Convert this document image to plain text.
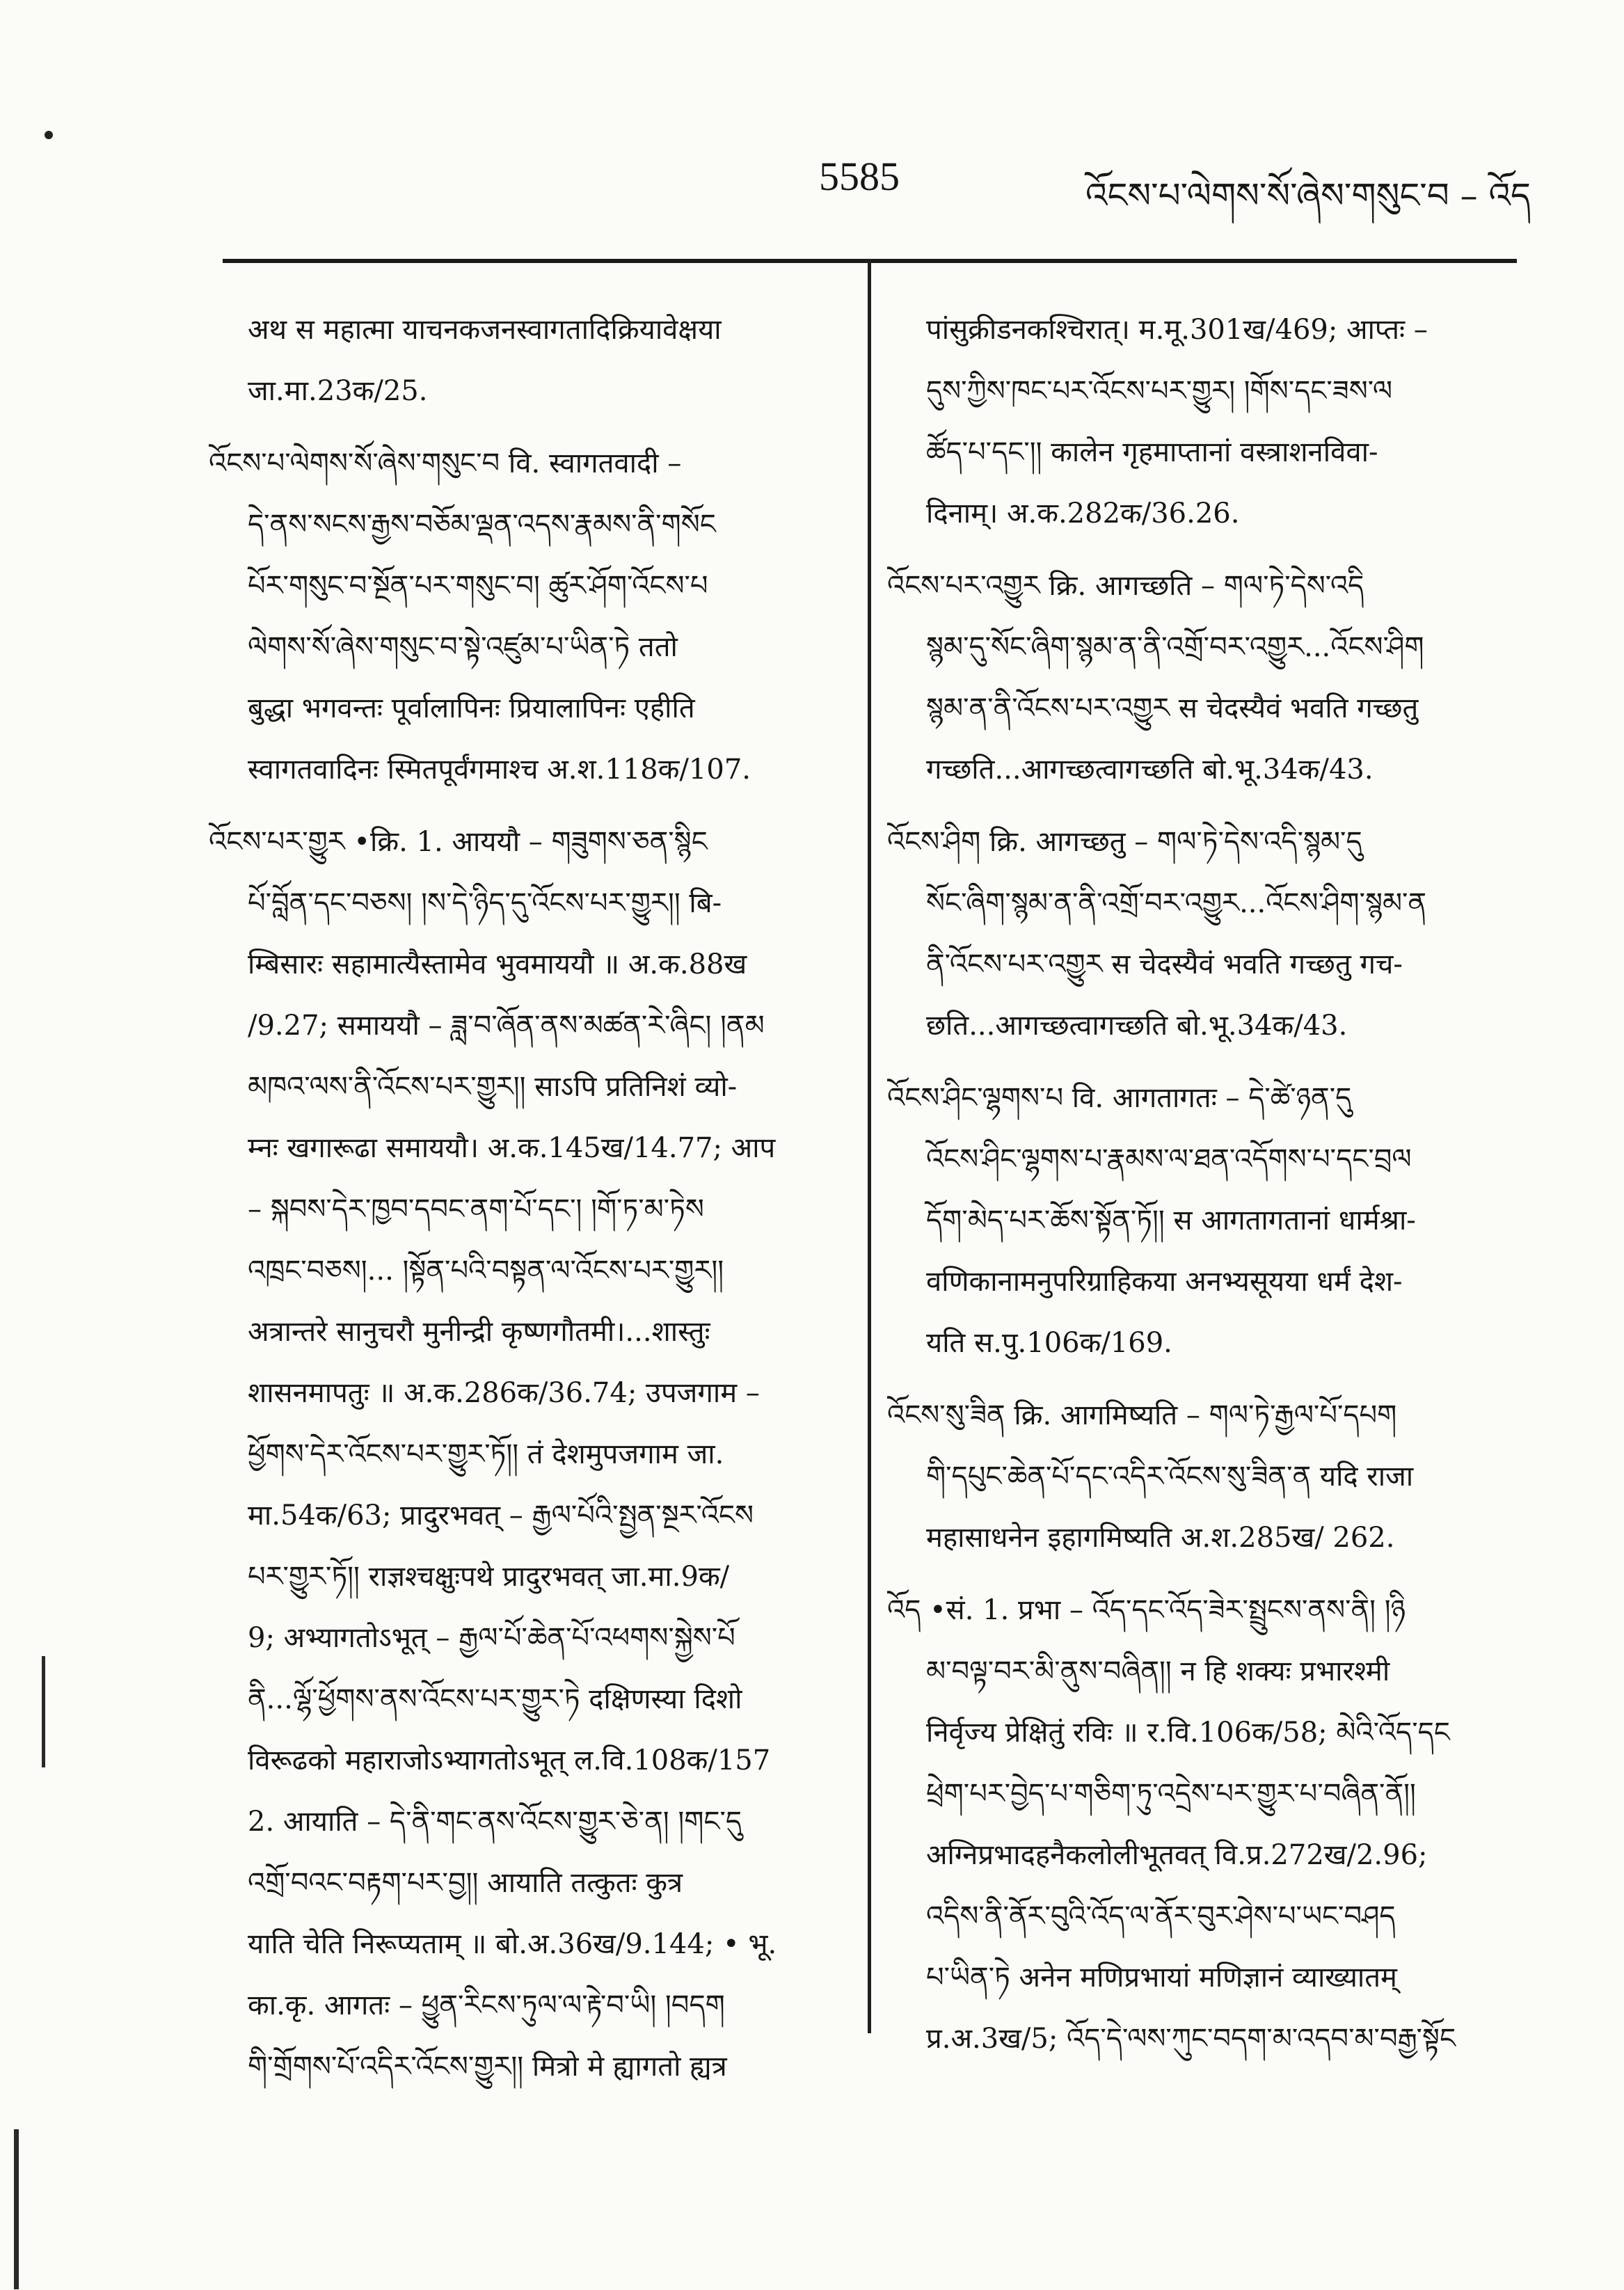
5585	འོངས་པ་ལེགས་སོ་ཞེས་གསུང་བ – འོད
अथ स महात्मा याचनकजनस्वागतादिक्रियावेक्षया
जा.मा.23क/25.
འོངས་པ་ལེགས་སོ་ཞེས་གསུང་བ वि. स्वागतवादी –
དེ་ནས་སངས་རྒྱས་བཅོམ་ལྡན་འདས་རྣམས་ནི་གསོང
པོར་གསུང་བ་སྔོན་པར་གསུང་བ། ཚུར་ཤོག་འོངས་པ
ལེགས་སོ་ཞེས་གསུང་བ་སྟེ་འཛུམ་པ་ཡིན་ཏེ ततो
बुद्धा भगवन्तः पूर्वालापिनः प्रियालापिनः एहीति
स्वागतवादिनः स्मितपूर्वंगमाश्च अ.श.118क/107.
འོངས་པར་གྱུར •क्रि. 1. आययौ – གཟུགས་ཅན་སྙིང
པོ་བློན་དང་བཅས། །ས་དེ་ཉིད་དུ་འོངས་པར་གྱུར།། बि-
म्बिसारः सहामात्यैस्तामेव भुवमाययौ ॥ अ.क.88ख
/9.27; समाययौ – ཟླ་བ་ཞོན་ནས་མཚན་རེ་ཞིང། །ནམ
མཁའ་ལས་ནི་འོངས་པར་གྱུར།། साऽपि प्रतिनिशं व्यो-
म्नः खगारूढा समाययौ। अ.क.145ख/14.77; आप
– སྐབས་དེར་ཁྱབ་དབང་ནག་པོ་དང་། །གོ་ཏ་མ་ཏེས
འཁྲང་བཅས།... །སྟོན་པའི་བསྟན་ལ་འོངས་པར་གྱུར།།
अत्रान्तरे सानुचरौ मुनीन्द्री कृष्णगौतमी।...शास्तुः
शासनमापतुः ॥ अ.क.286क/36.74; उपजगाम –
ཕྱོགས་དེར་འོངས་པར་གྱུར་ཏོ།། तं देशमुपजगाम जा.
मा.54क/63; प्रादुरभवत् – རྒྱལ་པོའི་སྤྱན་སྔར་འོངས
པར་གྱུར་ཏོ།། राज्ञश्चक्षुःपथे प्रादुरभवत् जा.मा.9क/
9; अभ्यागतोऽभूत् – རྒྱལ་པོ་ཆེན་པོ་འཕགས་སྐྱེས་པོ
ནི...ལྷོ་ཕྱོགས་ནས་འོངས་པར་གྱུར་ཏེ दक्षिणस्या दिशो
विरूढको महाराजोऽभ्यागतोऽभूत् ल.वि.108क/157
2. आयाति – དེ་ནི་གང་ནས་འོངས་གྱུར་ཅེ་ན། །གང་དུ
འགྲོ་བའང་བརྟག་པར་བྱ།། आयाति तत्कुतः कुत्र
याति चेति निरूप्यताम् ॥ बो.अ.36ख/9.144; • भू.
का.कृ. आगतः – ཕྱུན་རིངས་ཏུལ་ལ་རྟེ་བ་ཡི། །བདག
གི་གྲོགས་པོ་འདིར་འོངས་གྱུར།། मित्रो मे ह्यागतो ह्यत्र
पांसुक्रीडनकश्चिरात्। म.मू.301ख/469; आप्तः –
དུས་ཀྱིས་ཁང་པར་འོངས་པར་གྱུར། །གོས་དང་ཟས་ལ
ཚོད་པ་དང་།། कालेन गृहमाप्तानां वस्त्राशनविवा-
दिनाम्। अ.क.282क/36.26.
འོངས་པར་འགྱུར क्रि. आगच्छति – གལ་ཏེ་དེས་འདི
སྙམ་དུ་སོང་ཞིག་སྙམ་ན་ནི་འགྲོ་བར་འགྱུར...འོངས་ཤིག
སྙམ་ན་ནི་འོངས་པར་འགྱུར स चेदस्यैवं भवति गच्छतु
गच्छति...आगच्छत्वागच्छति बो.भू.34क/43.
འོངས་ཤིག क्रि. आगच्छतु – གལ་ཏེ་དེས་འདི་སྙམ་དུ
སོང་ཞིག་སྙམ་ན་ནི་འགྲོ་བར་འགྱུར...འོངས་ཤིག་སྙམ་ན
ནི་འོངས་པར་འགྱུར स चेदस्यैवं भवति गच्छतु गच-
छति...आगच्छत्वागच्छति बो.भू.34क/43.
འོངས་ཤིང་ལྷགས་པ वि. आगतागतः – དེ་ཚེ་ཉན་དུ
འོངས་ཤིང་ལྷགས་པ་རྣམས་ལ་ཐན་འདོགས་པ་དང་བྲལ
དོག་མེད་པར་ཆོས་སྟོན་ཏོ།། स आगतागतानां धार्मश्रा-
वणिकानामनुपरिग्राहिकया अनभ्यसूयया धर्मं देश-
यति स.पु.106क/169.
འོངས་སུ་ཟིན क्रि. आगमिष्यति – གལ་ཏེ་རྒྱལ་པོ་དཔག
གི་དཔུང་ཆེན་པོ་དང་འདིར་འོངས་སུ་ཟིན་ན यदि राजा
महासाधनेन इहागमिष्यति अ.श.285ख/ 262.
འོད •सं. 1. प्रभा – འོད་དང་འོད་ཟེར་སྤྲུངས་ནས་ནི། །ཉི
མ་བལྟ་བར་མི་ནུས་བཞིན།། न हि शक्यः प्रभारश्मी
निर्वृज्य प्रेक्षितुं रविः ॥ र.वि.106क/58; མེའི་འོད་དང
ཕྲེག་པར་བྱེད་པ་གཅིག་ཏུ་འདྲེས་པར་གྱུར་པ་བཞིན་ནོ།།
अग्निप्रभादहनैकलोलीभूतवत् वि.प्र.272ख/2.96;
འདིས་ནི་ནོར་བུའི་འོད་ལ་ནོར་བུར་ཤེས་པ་ཡང་བཤད
པ་ཡིན་ཏེ अनेन मणिप्रभायां मणिज्ञानं व्याख्यातम्
प्र.अ.3ख/5; འོད་དེ་ལས་ཀུང་བདག་མ་འདབ་མ་བརྒྱ་སྟོང
